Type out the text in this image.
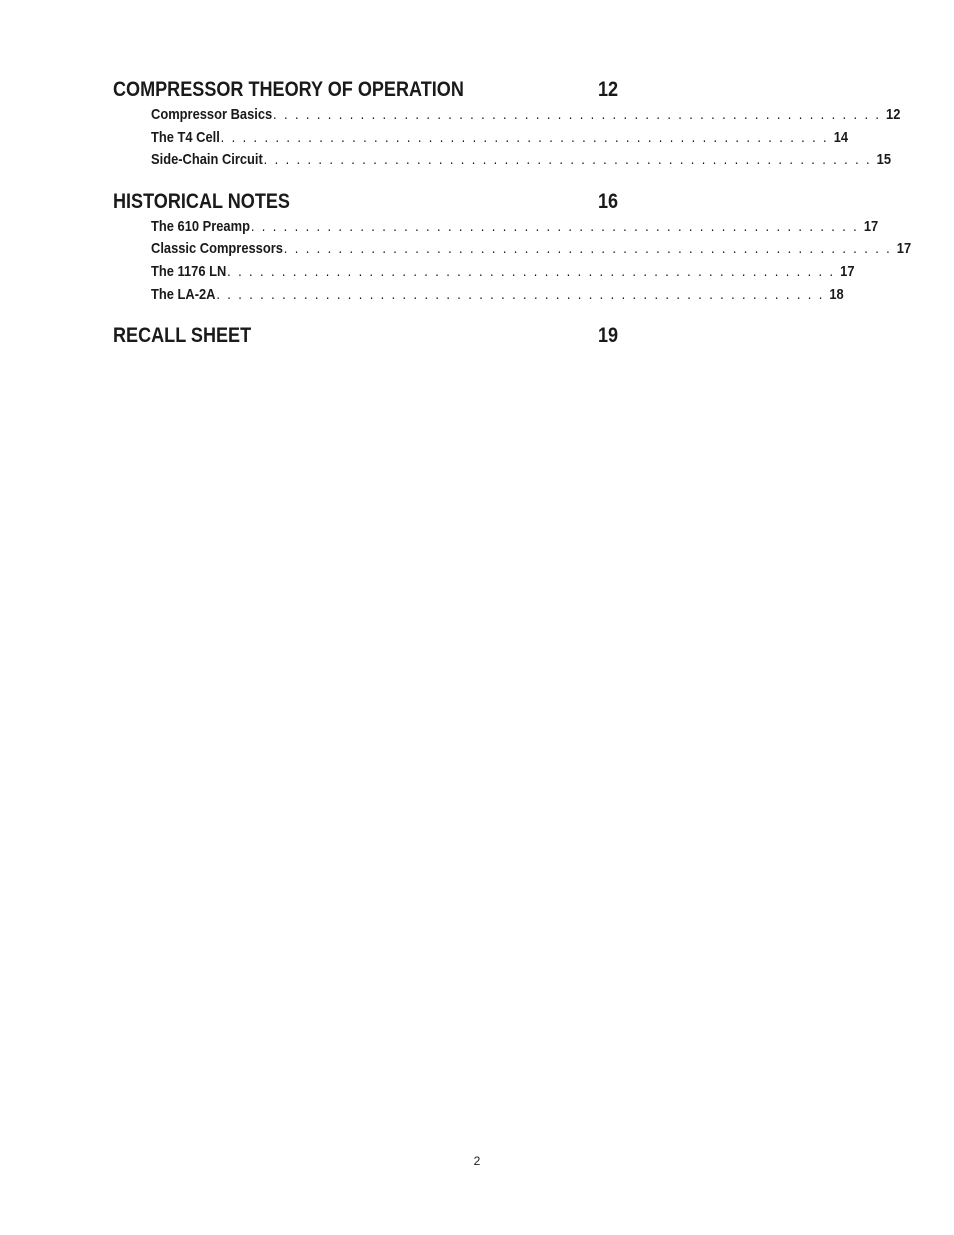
COMPRESSOR THEORY OF OPERATION	12
Compressor Basics . . . . . . . . . . . . . . . . . . . . . . . . . . . . . . . . . . . . . . . . . . . . . . . . . . . . . . . . 12
The T4 Cell . . . . . . . . . . . . . . . . . . . . . . . . . . . . . . . . . . . . . . . . . . . . . . . . . . . . . . . . 14
Side-Chain Circuit . . . . . . . . . . . . . . . . . . . . . . . . . . . . . . . . . . . . . . . . . . . . . . . . . . . . . . . . 15
HISTORICAL NOTES	16
The 610 Preamp . . . . . . . . . . . . . . . . . . . . . . . . . . . . . . . . . . . . . . . . . . . . . . . . . . . . . . . . 17
Classic Compressors . . . . . . . . . . . . . . . . . . . . . . . . . . . . . . . . . . . . . . . . . . . . . . . . . . . . . . . . 17
The 1176 LN . . . . . . . . . . . . . . . . . . . . . . . . . . . . . . . . . . . . . . . . . . . . . . . . . . . . . . . . 17
The LA-2A . . . . . . . . . . . . . . . . . . . . . . . . . . . . . . . . . . . . . . . . . . . . . . . . . . . . . . . . 18
RECALL SHEET	19
2
